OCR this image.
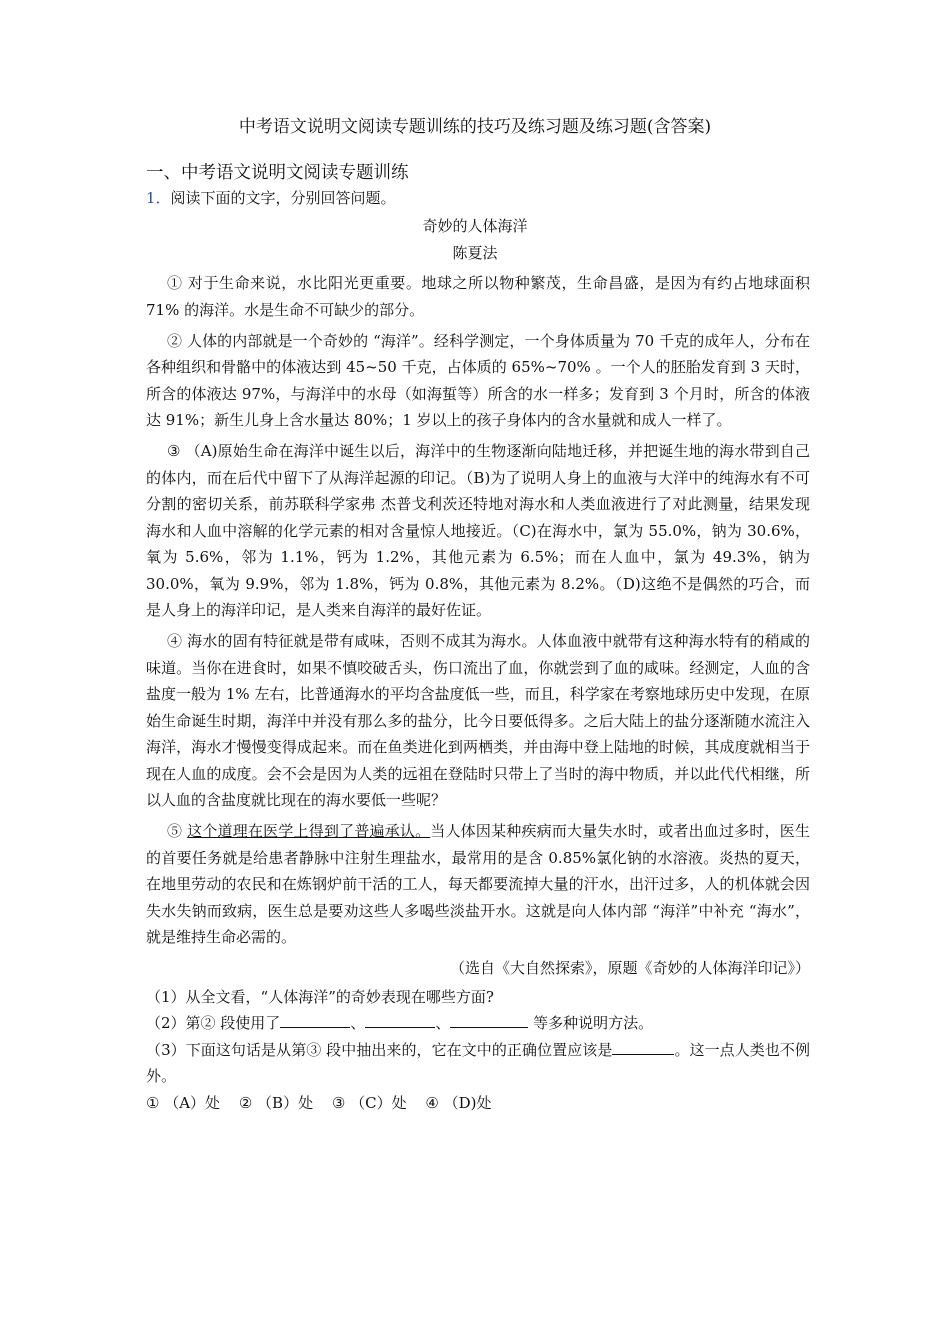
中考语文说明文阅读专题训练的技巧及练习题及练习题(含答案)
一、中考语文说明文阅读专题训练
1．阅读下面的文字，分别回答问题。
奇妙的人体海洋
陈夏法

① 对于生命来说，水比阳光更重要。地球之所以物种繁茂，生命昌盛，是因为有约占地球面积 71% 的海洋。水是生命不可缺少的部分。

② 人体的内部就是一个奇妙的 “海洋”。经科学测定，一个身体质量为 70 千克的成年人，分布在各种组织和骨骼中的体液达到 45~50 千克，占体质的 65%~70% 。一个人的胚胎发育到 3 天时，所含的体液达 97%，与海洋中的水母（如海蜇等）所含的水一样多；发育到 3 个月时，所含的体液达 91%；新生儿身上含水量达 80%；1 岁以上的孩子身体内的含水量就和成人一样了。

③ （A)原始生命在海洋中诞生以后，海洋中的生物逐渐向陆地迁移，并把诞生地的海水带到自己的体内，而在后代中留下了从海洋起源的印记。（B)为了说明人身上的血液与大洋中的纯海水有不可分割的密切关系，前苏联科学家弗 杰普戈利茨还特地对海水和人类血液进行了对此测量，结果发现海水和人血中溶解的化学元素的相对含量惊人地接近。（C)在海水中，氯为 55.0%，钠为 30.6%，氧为 5.6%，邻为 1.1%，钙为 1.2%，其他元素为 6.5%；而在人血中，氯为 49.3%，钠为 30.0%，氧为 9.9%，邻为 1.8%，钙为 0.8%，其他元素为 8.2%。（D)这绝不是偶然的巧合，而是人身上的海洋印记，是人类来自海洋的最好佐证。

④ 海水的固有特征就是带有咸味，否则不成其为海水。人体血液中就带有这种海水特有的稍咸的味道。当你在进食时，如果不慎咬破舌头，伤口流出了血，你就尝到了血的咸味。经测定，人血的含盐度一般为 1% 左右，比普通海水的平均含盐度低一些，而且，科学家在考察地球历史中发现，在原始生命诞生时期，海洋中并没有那么多的盐分，比今日要低得多。之后大陆上的盐分逐渐随水流注入海洋，海水才慢慢变得成起来。而在鱼类进化到两栖类，并由海中登上陆地的时候，其成度就相当于现在人血的成度。会不会是因为人类的远祖在登陆时只带上了当时的海中物质，并以此代代相继，所以人血的含盐度就比现在的海水要低一些呢？

⑤ 这个道理在医学上得到了普遍承认。当人体因某种疾病而大量失水时，或者出血过多时，医生的首要任务就是给患者静脉中注射生理盐水，最常用的是含 0.85%氯化钠的水溶液。炎热的夏天，在地里劳动的农民和在炼钢炉前干活的工人，每天都要流掉大量的汗水，出汗过多，人的机体就会因失水失钠而致病，医生总是要劝这些人多喝些淡盐开水。这就是向人体内部 “海洋”中补充 “海水”，就是维持生命必需的。

（选自《大自然探索》，原题《奇妙的人体海洋印记》）

（1）从全文看，“人体海洋”的奇妙表现在哪些方面?

（2）第② 段使用了	、	、	等多种说明方法。

（3）下面这句话是从第③ 段中抽出来的，它在文中的正确位置应该是	。这一点人类也不例外。

① （A）处 ② （B）处 ③ （C）处 ④ （D)处
